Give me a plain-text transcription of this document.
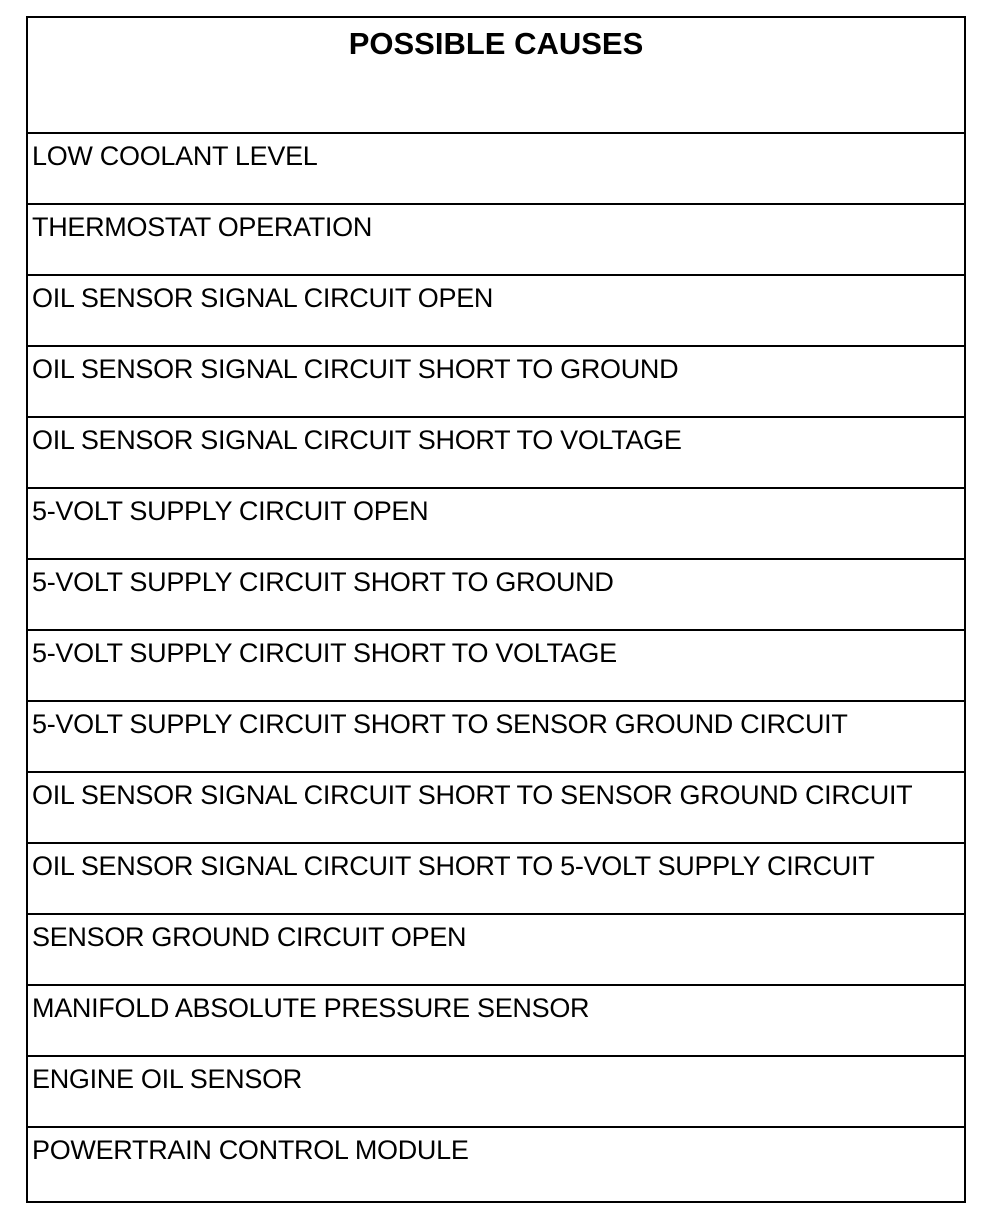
POSSIBLE CAUSES
LOW COOLANT LEVEL
THERMOSTAT OPERATION
OIL SENSOR SIGNAL CIRCUIT OPEN
OIL SENSOR SIGNAL CIRCUIT SHORT TO GROUND
OIL SENSOR SIGNAL CIRCUIT SHORT TO VOLTAGE
5-VOLT SUPPLY CIRCUIT OPEN
5-VOLT SUPPLY CIRCUIT SHORT TO GROUND
5-VOLT SUPPLY CIRCUIT SHORT TO VOLTAGE
5-VOLT SUPPLY CIRCUIT SHORT TO SENSOR GROUND CIRCUIT
OIL SENSOR SIGNAL CIRCUIT SHORT TO SENSOR GROUND CIRCUIT
OIL SENSOR SIGNAL CIRCUIT SHORT TO 5-VOLT SUPPLY CIRCUIT
SENSOR GROUND CIRCUIT OPEN
MANIFOLD ABSOLUTE PRESSURE SENSOR
ENGINE OIL SENSOR
POWERTRAIN CONTROL MODULE
